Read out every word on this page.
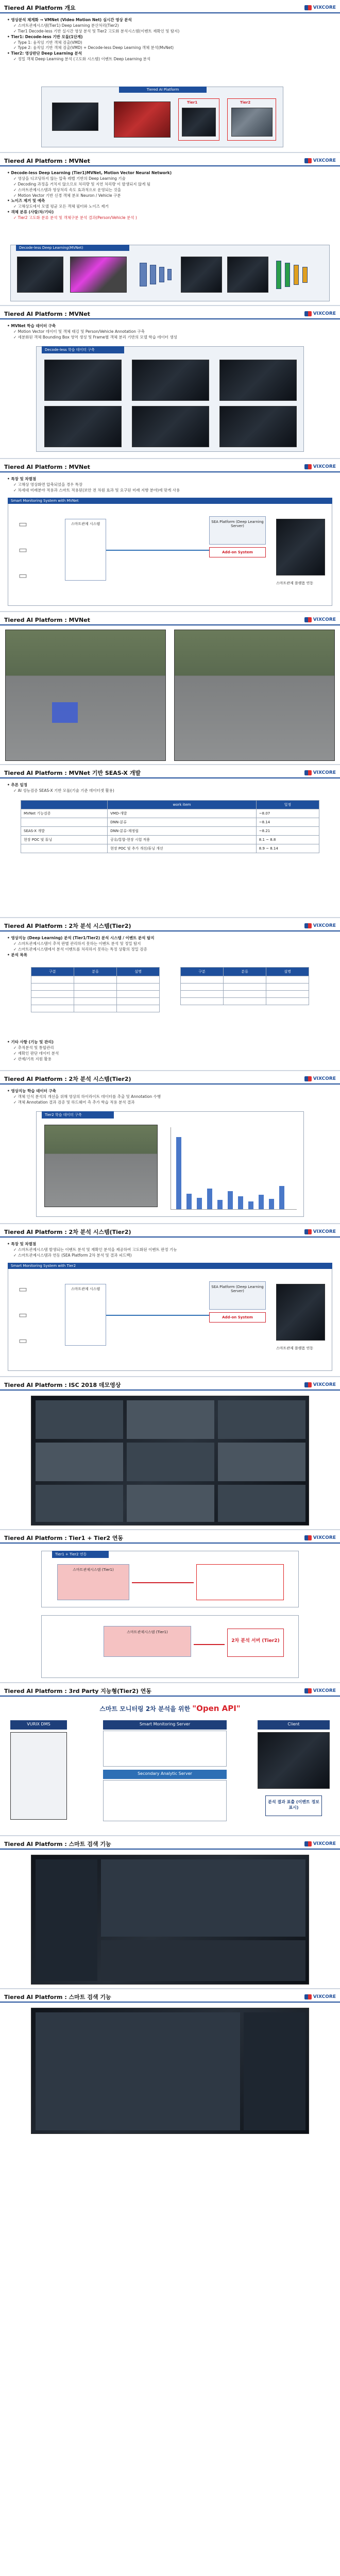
Tiered AI Platform 개요	VIXCORE
• 영상분석 체계화 → VMNet (Video Motion Net) 실시간 영상 분석
✓ 스마트관제시스템(Tier1) Deep Learning 분산처리(Tier2)
✓ Tier1 Decode-less 기반 실시간 영상 분석 및 Tier2 고도화 분석시스템(이벤트 재확인 및 탐지)
• Tier1: Decode-less 기반 모듈(1단계)
✓ Type 1: 움직임 기반 객체 검출(VMD)
✓ Type 2: 움직임 기반 객체 검출(VMD) + Decode-less Deep Learning 객체 분석(MvNet)
• Tier2: 영상판단 Deep Learning 분석
✓ 정밀 객체 Deep Learning 분석 (고도화 시스템) 이벤트 Deep Learning 분석
Tiered AI Platform
Tier1	Tier2
Tiered AI Platform : MVNet	VIXCORE
• Decode-less Deep Learning (Tier1)MVNet, Motion Vector Neural Network)
✓ 영상을 디코딩하지 않는 압축 레벨 기반의 Deep Learning 기술
✓ Decoding 과정을 거치지 않으므로 처리량 및 지연 처리량 이 발생되지 않게 됨
✓ 스마트관제시스템과 영상처리 속도 효과적으로 운영되는 것을
✓ Motion Vector 기반 신경 객체 분포 Neuron / Vehicle 구분
• 노이즈 제거 및 예측
✓ 고해상도에서 모델 평균 모든 객체 필터와 노이즈 제거
• 객체 분류 (사람/차/기타)
✓ Tier2 고도화 분류 분석 및 객체구분 분석 결과(Person/Vehicle 분석 )
Decode-less Deep Learning(MVNet)
Tiered AI Platform : MVNet	VIXCORE
• MVNet 학습 데이터 구축
✓ Motion Vector 데이터 및 객체 태깅 및 Person/Vehicle Annotation 구축
✓ 세분화된 객체 Bounding Box 영역 생성 및 Frame별 객체 분리 기반의 모델 학습 데이터 생성
Decode-less 학습 데이터 구축
Tiered AI Platform : MVNet	VIXCORE
• 특장 및 차별점
✓ 고해상 영상화면 압축되었을 경우 특장
✓ 차세대 미래분야 적용과 스마트 적용된(보안 전 차원 효과 및 요구된 미래 지향 분야)에 맞게 사용
Smart Monitoring System with MVNet
▭
▭
▭
스마트관제 시스템	SEA Platform (Deep Learning Server)
Add-on System
스마트관제 플랫폼 연동
Tiered AI Platform : MVNet	VIXCORE
Tiered AI Platform : MVNet 기반 SEAS-X 개발	VIXCORE
• 추론 일정
✓ AI 성능검증 SEAS-X 기반 모듈(기술 기준 데이터셋 활용)
	work item	일정
MVNet 기능검증	VMD-개발	~8.07
	DNN-분류	~8.14
SEAS-X 개발	DNN-분류-재정립	~8.21
현장 POC 및 튜닝	공유/통합-현장 시험 적용	8.1 ~ 8.8
	현장 POC 및 추가 개선/튜닝 개선	8.9 ~ 8.14
Tiered AI Platform : 2차 분석 시스템(Tier2)	VIXCORE
• 영상지능 (Deep Learning) 분석 (Tier1/Tier2) 분석 시스템 / 이벤트 분석 탐지
✓ 스마트관제시스템이 추적 판별 관리하지 못하는 이벤트 분석 및 정밀 탐지
✓ 스마트관제시스템에서 분석 이벤트를 처리하지 못하는 특정 상황의 정밀 검증
• 분석 목록
구분	분류	설명

			구분	분류	설명

• 기타 사항 (기능 및 관리)
✓ 추적분석 및 통합관리
✓ 재확인 판단 데이터 분석
✓ 관제/기록 지원 활용
Tiered AI Platform : 2차 분석 시스템(Tier2)	VIXCORE
• 영상지능 학습 데이터 구축
✓ 객체 인식 분석의 개선을 위해 영상의 하이라이트 데이터를 추출 및 Annotation 수행
✓ 객체 Annotation 결과 검증 및 하드웨어 측 추가 학습 적용 분석 결과
Tier2 학습 데이터 구축
Tiered AI Platform : 2차 분석 시스템(Tier2)	VIXCORE
• 특장 및 차별점
✓ 스마트관제시스템 발생되는 이벤트 분석 및 재확인 분석을 제공하여 고도화된 이벤트 판정 기능
✓ 스마트관제시스템과 연동 (SEA Platform 2차 분석 및 결과 피드백)
Smart Monitoring System with Tier2
▭
▭
▭
스마트관제 시스템	SEA Platform (Deep Learning Server)
Add-on System
스마트관제 플랫폼 연동
Tiered AI Platform : ISC 2018 데모영상	VIXCORE
Tiered AI Platform : Tier1 + Tier2 연동	VIXCORE
Tier1 + Tier2 연동
스마트관제시스템 (Tier1)
스마트관제시스템 (Tier1)
2차 분석 서버 (Tier2)
Tiered AI Platform : 3rd Party 지능형(Tier2) 연동	VIXCORE
스마트 모니터링 2차 분석을 위한 "Open API"
VURIX DMS	Smart Monitoring Server
Secondary Analytic Server
Client
분석 결과 표출 (이벤트 정보 표시)
Tiered AI Platform : 스마트 검색 기능	VIXCORE
Tiered AI Platform : 스마트 검색 기능	VIXCORE
